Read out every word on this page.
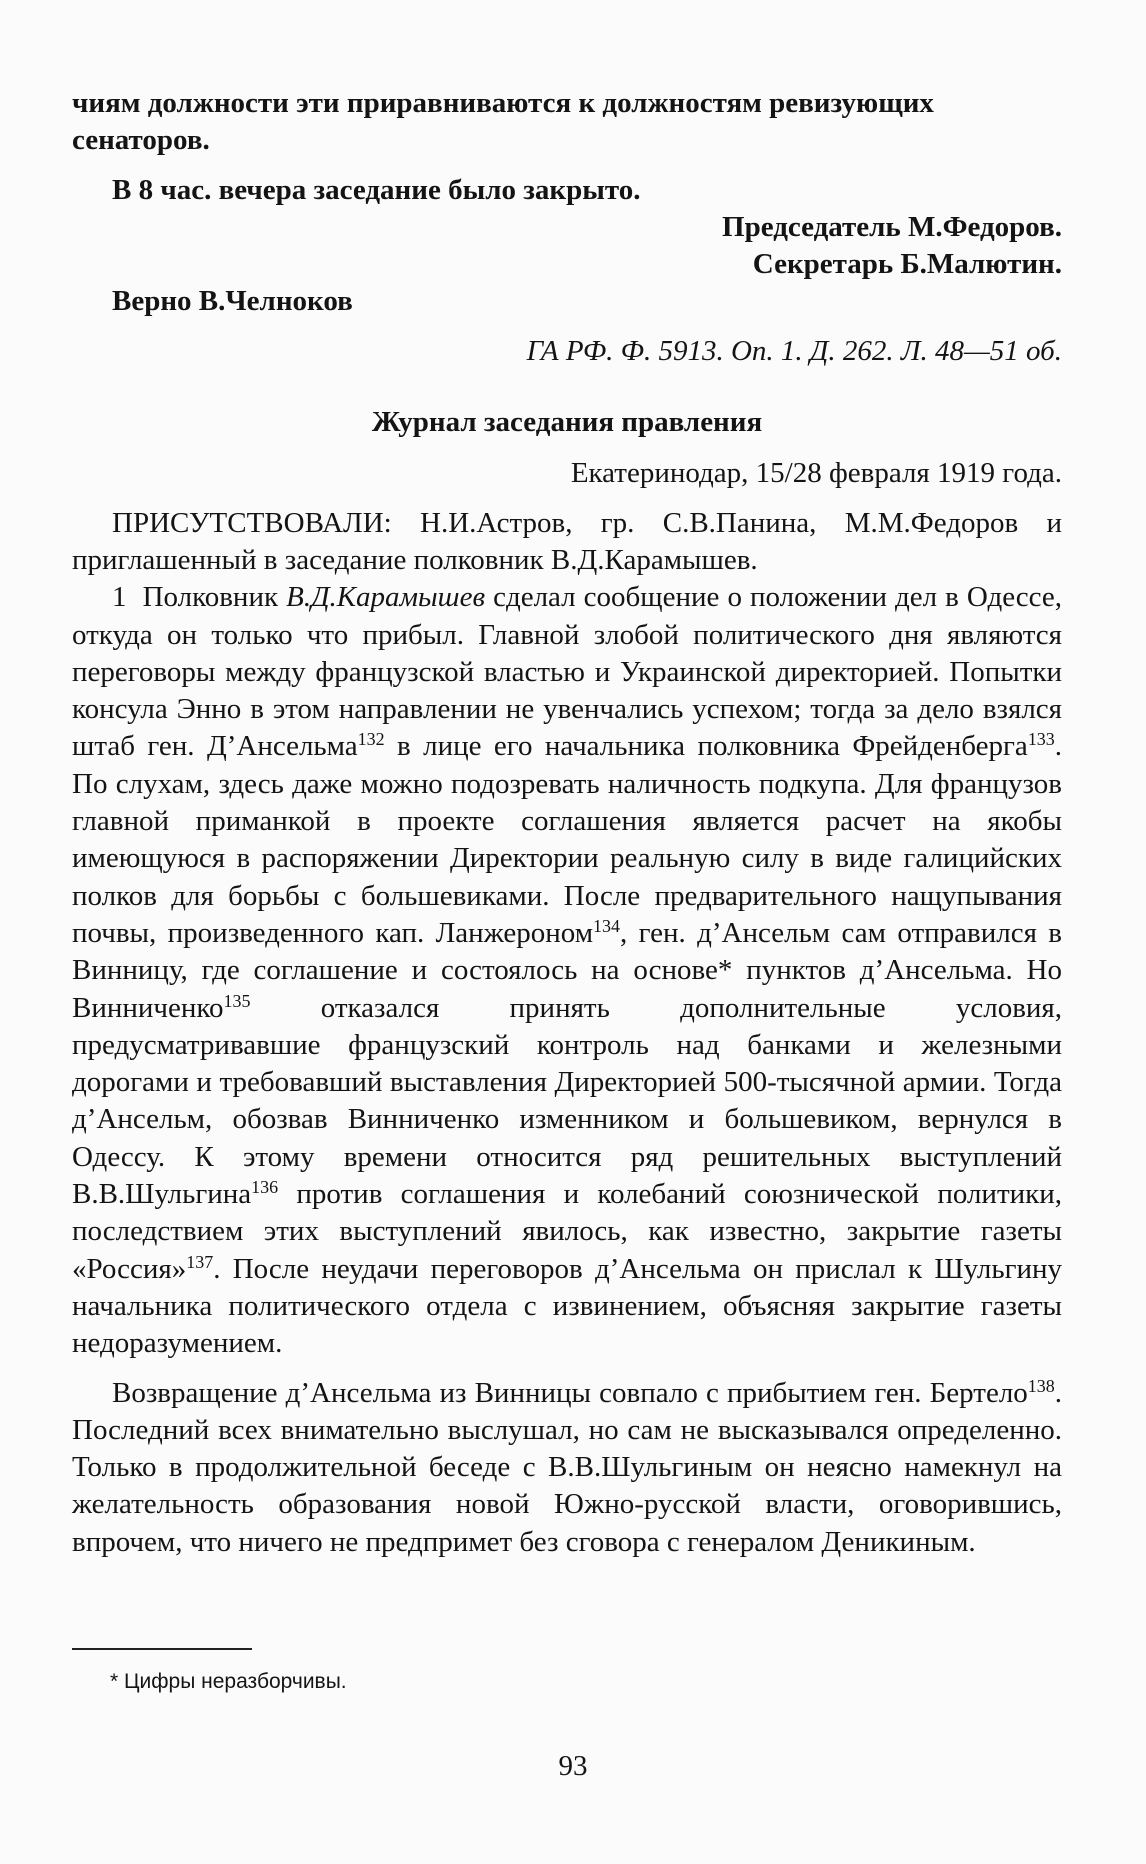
чиям должности эти приравниваются к должностям ревизующих
сенаторов.

В 8 час. вечера заседание было закрыто.

Председатель М.Федоров.
Секретарь Б.Малютин.
Верно В.Челноков
ГА РФ. Ф. 5913. Оп. 1. Д. 262. Л. 48—51 об.
Журнал заседания правления
Екатеринодар, 15/28 февраля 1919 года.

ПРИСУТСТВОВАЛИ: Н.И.Астров, гр. С.В.Панина, М.М.Федоров и приглашенный в заседание полковник В.Д.Карамышев.

1 Полковник В.Д.Карамышев сделал сообщение о положении дел в Одессе, откуда он только что прибыл. Главной злобой политического дня являются переговоры между французской властью и Украинской директорией. Попытки консула Энно в этом направлении не увенчались успехом; тогда за дело взялся штаб ген. Д’Ансельма$^{132}$ в лице его начальника полковника Фрейденберга$^{133}$. По слухам, здесь даже можно подозревать наличность подкупа. Для французов главной приманкой в проекте соглашения является расчет на якобы имеющуюся в распоряжении Директории реальную силу в виде галицийских полков для борьбы с большевиками. После предварительного нащупывания почвы, произведенного кап. Ланжероном$^{134}$, ген. д’Ансельм сам отправился в Винницу, где соглашение и состоялось на основе* пунктов д’Ансельма. Но Винниченко$^{135}$ отказался принять дополнительные условия, предусматривавшие французский контроль над банками и железными дорогами и требовавший выставления Директорией 500-тысячной армии. Тогда д’Ансельм, обозвав Винниченко изменником и большевиком, вернулся в Одессу. К этому времени относится ряд решительных выступлений В.В.Шульгина$^{136}$ против соглашения и колебаний союзнической политики, последствием этих выступлений явилось, как известно, закрытие газеты «Россия»$^{137}$. После неудачи переговоров д’Ансельма он прислал к Шульгину начальника политического отдела с извинением, объясняя закрытие газеты недоразумением.

Возвращение д’Ансельма из Винницы совпало с прибытием ген. Бертело$^{138}$. Последний всех внимательно выслушал, но сам не высказывался определенно. Только в продолжительной беседе с В.В.Шульгиным он неясно намекнул на желательность образования новой Южно-русской власти, оговорившись, впрочем, что ничего не предпримет без сговора с генералом Деникиным.

* Цифры неразборчивы.
93
